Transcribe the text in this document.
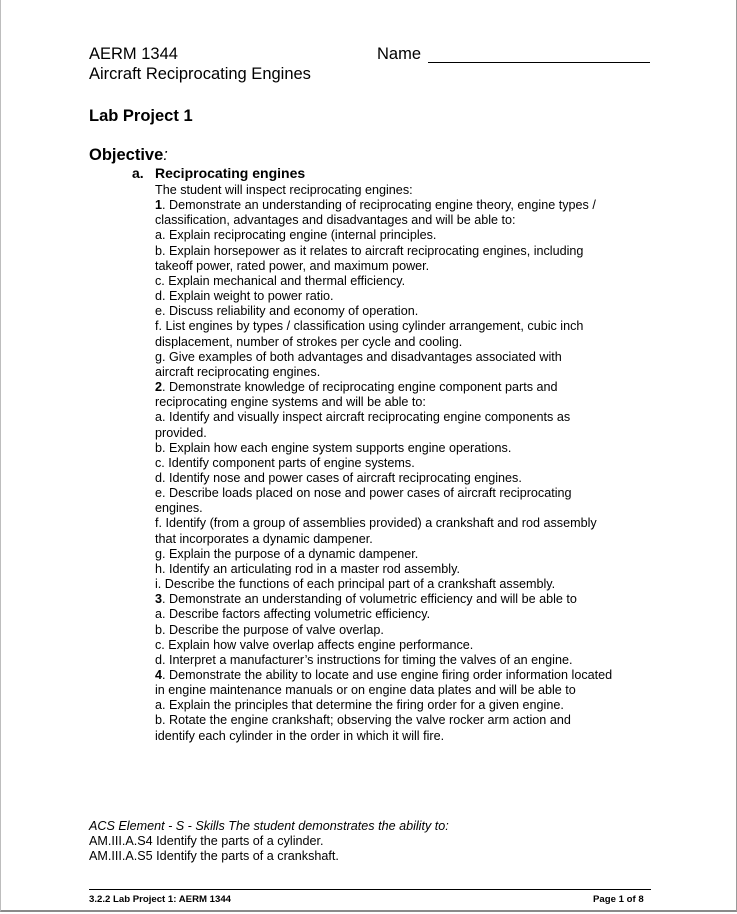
AERM 1344
Aircraft Reciprocating Engines
Name
Lab Project 1
Objective:
a. Reciprocating engines
The student will inspect reciprocating engines:
1. Demonstrate an understanding of reciprocating engine theory, engine types /
classification, advantages and disadvantages and will be able to:
a. Explain reciprocating engine (internal principles.
b. Explain horsepower as it relates to aircraft reciprocating engines, including
takeoff power, rated power, and maximum power.
c. Explain mechanical and thermal efficiency.
d. Explain weight to power ratio.
e. Discuss reliability and economy of operation.
f. List engines by types / classification using cylinder arrangement, cubic inch
displacement, number of strokes per cycle and cooling.
g. Give examples of both advantages and disadvantages associated with
aircraft reciprocating engines.
2. Demonstrate knowledge of reciprocating engine component parts and
reciprocating engine systems and will be able to:
a. Identify and visually inspect aircraft reciprocating engine components as
provided.
b. Explain how each engine system supports engine operations.
c. Identify component parts of engine systems.
d. Identify nose and power cases of aircraft reciprocating engines.
e. Describe loads placed on nose and power cases of aircraft reciprocating
engines.
f. Identify (from a group of assemblies provided) a crankshaft and rod assembly
that incorporates a dynamic dampener.
g. Explain the purpose of a dynamic dampener.
h. Identify an articulating rod in a master rod assembly.
i. Describe the functions of each principal part of a crankshaft assembly.
3. Demonstrate an understanding of volumetric efficiency and will be able to
a. Describe factors affecting volumetric efficiency.
b. Describe the purpose of valve overlap.
c. Explain how valve overlap affects engine performance.
d. Interpret a manufacturer’s instructions for timing the valves of an engine.
4. Demonstrate the ability to locate and use engine firing order information located
in engine maintenance manuals or on engine data plates and will be able to
a. Explain the principles that determine the firing order for a given engine.
b. Rotate the engine crankshaft; observing the valve rocker arm action and
identify each cylinder in the order in which it will fire.
ACS Element - S - Skills The student demonstrates the ability to:
AM.III.A.S4 Identify the parts of a cylinder.
AM.III.A.S5 Identify the parts of a crankshaft.
3.2.2 Lab Project 1: AERM 1344	Page 1 of 8
